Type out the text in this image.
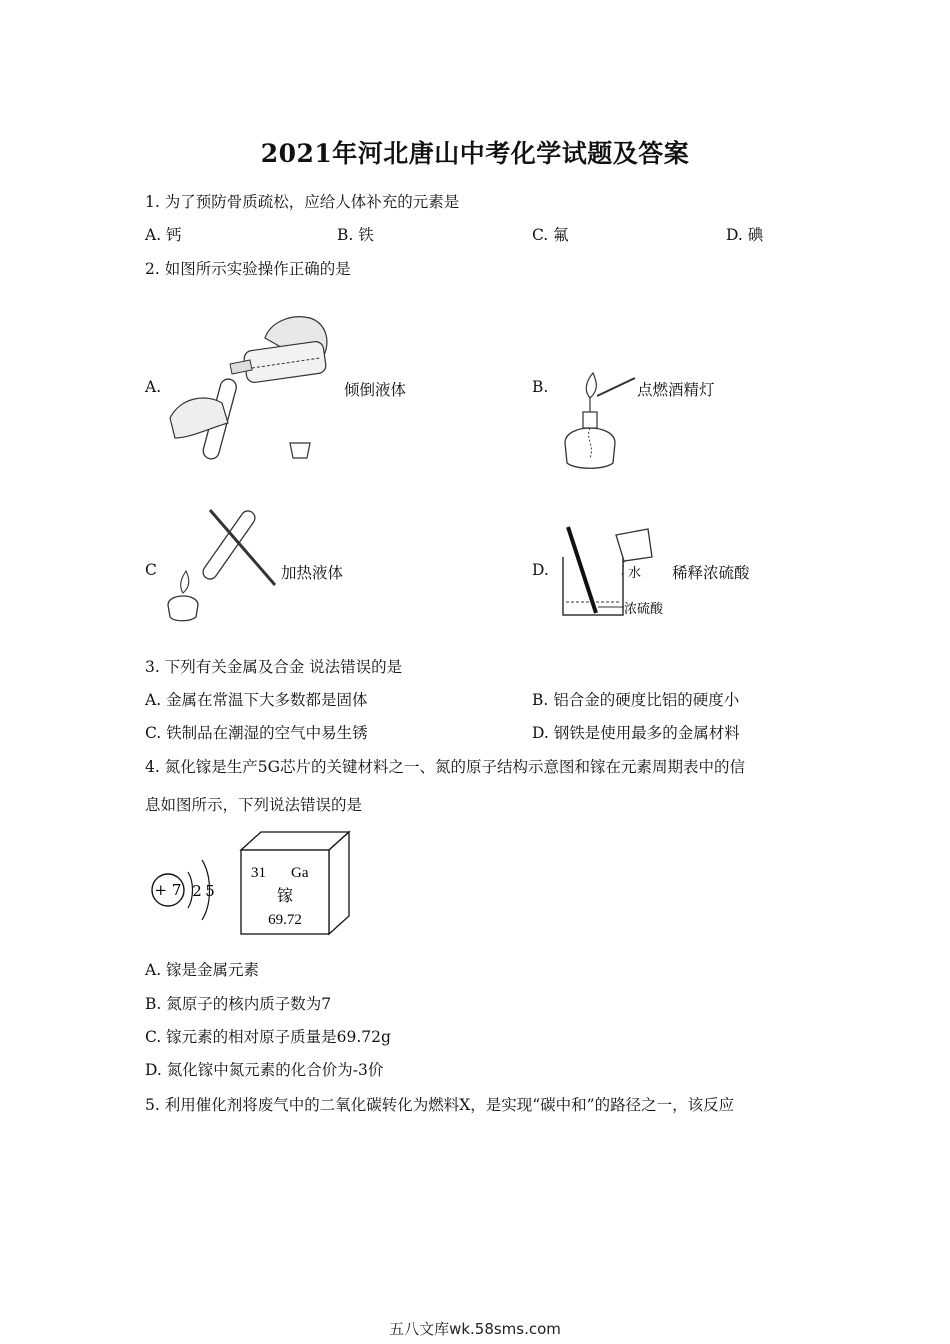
2021年河北唐山中考化学试题及答案
1. 为了预防骨质疏松，应给人体补充的元素是
A. 钙	B. 铁	C. 氟	D. 碘
2. 如图所示实验操作正确的是
A.	倾倒液体	B.	点燃酒精灯
C	加热液体	D.	水
浓硫酸
稀释浓硫酸
3. 下列有关金属及合金 说法错误的是
A. 金属在常温下大多数都是固体	B. 铝合金的硬度比铝的硬度小
C. 铁制品在潮湿的空气中易生锈	D. 钢铁是使用最多的金属材料
4. 氮化镓是生产5G芯片的关键材料之一、氮的原子结构示意图和镓在元素周期表中的信
息如图所示，下列说法错误的是
+ 7 2 5
31 Ga
镓
69.72
A. 镓是金属元素
B. 氮原子的核内质子数为7
C. 镓元素的相对原子质量是69.72g
D. 氮化镓中氮元素的化合价为-3价
5. 利用催化剂将废气中的二氧化碳转化为燃料X，是实现“碳中和”的路径之一，该反应
五八文库wk.58sms.com
